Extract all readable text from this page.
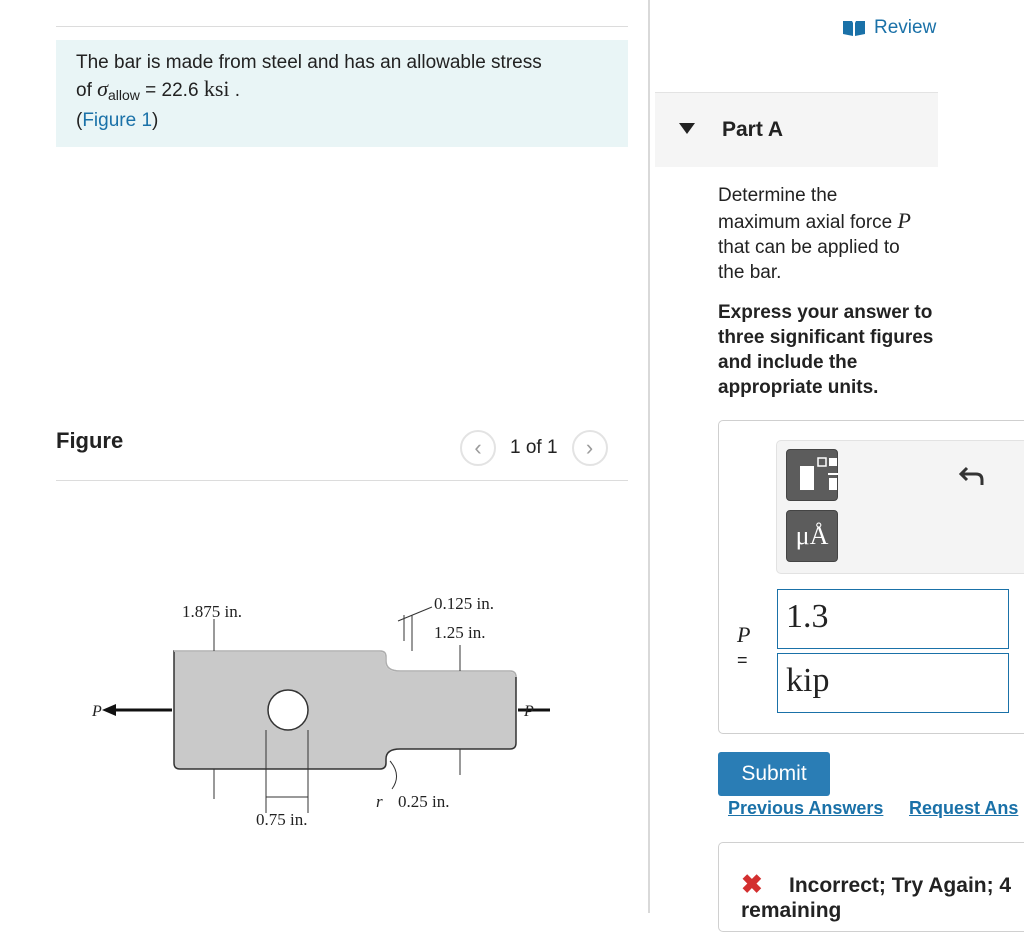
The bar is made from steel and has an allowable stress
of $\sigma_{allow} = 22.6$ ksi .
(Figure 1)
Figure	‹	1 of 1	›
1.875 in.	0.125 in.
1.25 in.
0.75 in.
r 0.25 in.
P	P
Review
Part A
Determine the
maximum axial force P
that can be applied to
the bar.
Express your answer to three significant figures and include the appropriate units.
μÅ
P
=
1.3
kip
Submit
Previous Answers Request Ans
✖ Incorrect; Try Again; 4
remaining
